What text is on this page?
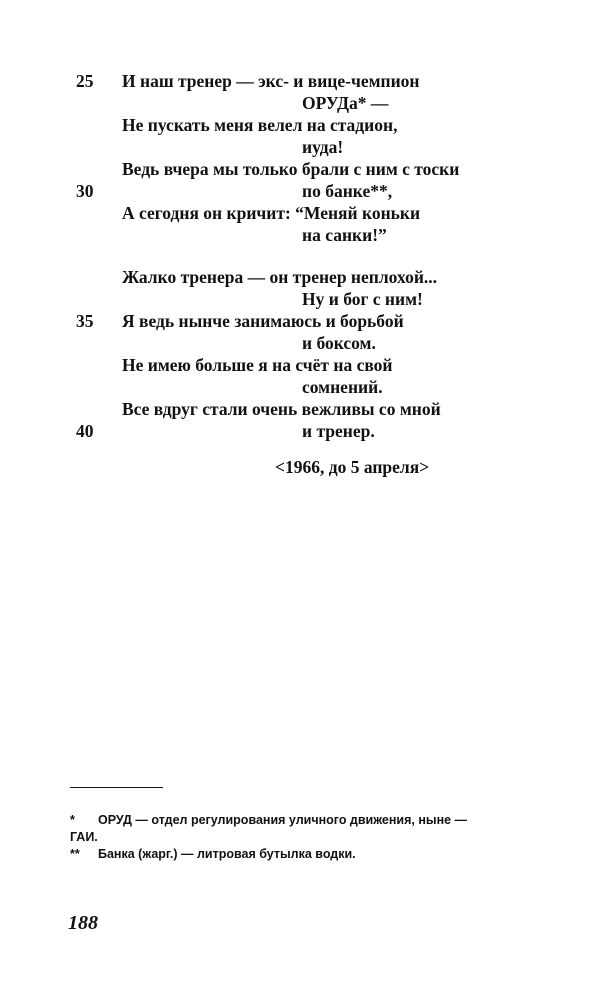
25 И наш тренер — экс- и вице-чемпион
ОРУДа* —
Не пускать меня велел на стадион,
иуда!
Ведь вчера мы только брали с ним с тоски
30	по банке**,
А сегодня он кричит: “Меняй коньки
на санки!”
Жалко тренера — он тренер неплохой...
Ну и бог с ним!
35 Я ведь нынче занимаюсь и борьбой
и боксом.
Не имею больше я на счёт на свой
сомнений.
Все вдруг стали очень вежливы со мной
40	и тренер.
<1966, до 5 апреля>
* ОРУД — отдел регулирования уличного движения, ныне —
ГАИ.
** Банка (жарг.) — литровая бутылка водки.
188
